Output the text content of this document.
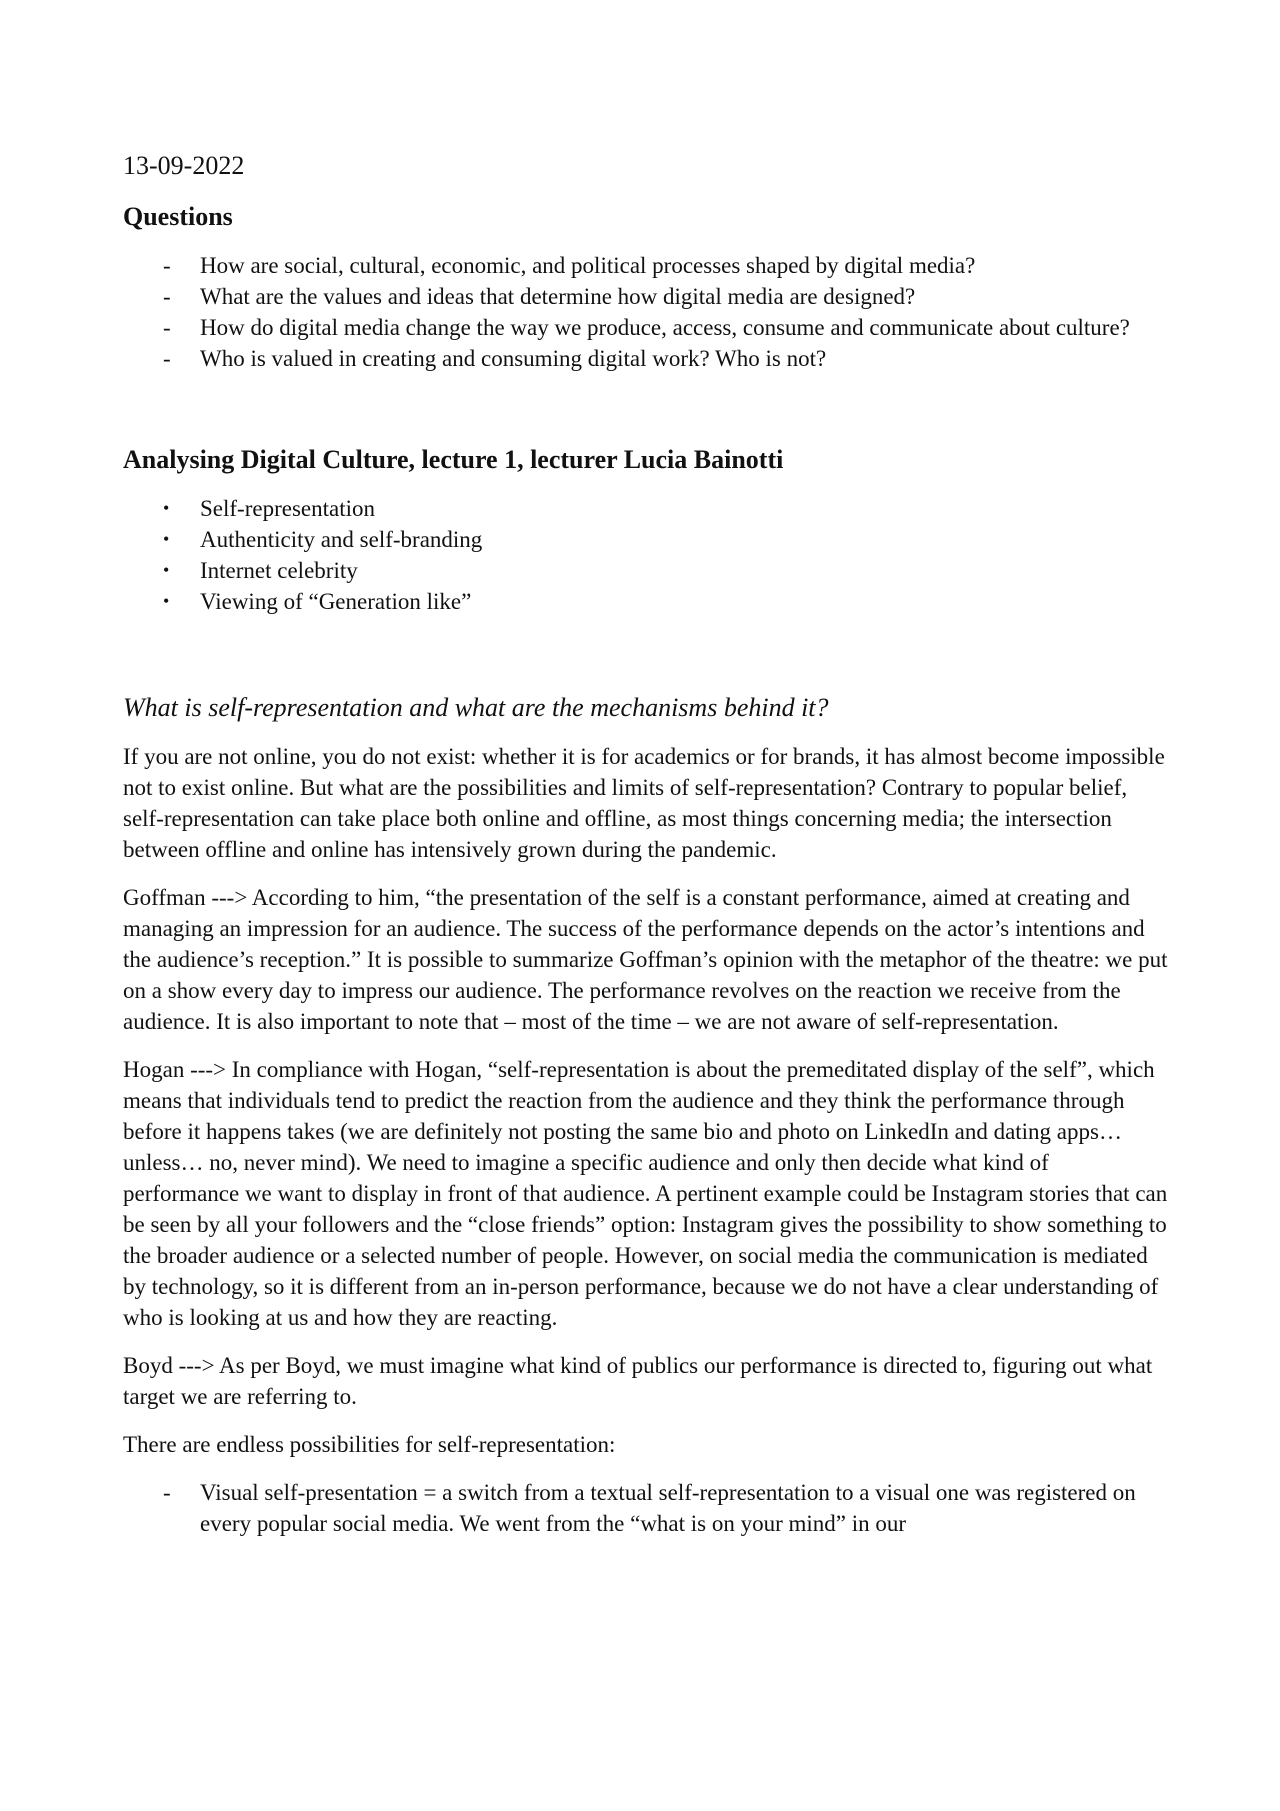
13-09-2022
Questions
-	How are social, cultural, economic, and political processes shaped by digital media?
-	What are the values and ideas that determine how digital media are designed?
-	How do digital media change the way we produce, access, consume and communicate about culture?
-	Who is valued in creating and consuming digital work? Who is not?
Analysing Digital Culture, lecture 1, lecturer Lucia Bainotti
•	Self-representation
•	Authenticity and self-branding
•	Internet celebrity
•	Viewing of “Generation like”
What is self-representation and what are the mechanisms behind it?

If you are not online, you do not exist: whether it is for academics or for brands, it has almost become impossible not to exist online. But what are the possibilities and limits of self-representation? Contrary to popular belief, self-representation can take place both online and offline, as most things concerning media; the intersection between offline and online has intensively grown during the pandemic.

Goffman ---> According to him, “the presentation of the self is a constant performance, aimed at creating and managing an impression for an audience. The success of the performance depends on the actor’s intentions and the audience’s reception.” It is possible to summarize Goffman’s opinion with the metaphor of the theatre: we put on a show every day to impress our audience. The performance revolves on the reaction we receive from the audience. It is also important to note that – most of the time – we are not aware of self-representation.

Hogan ---> In compliance with Hogan, “self-representation is about the premeditated display of the self”, which means that individuals tend to predict the reaction from the audience and they think the performance through before it happens takes (we are definitely not posting the same bio and photo on LinkedIn and dating apps… unless… no, never mind). We need to imagine a specific audience and only then decide what kind of performance we want to display in front of that audience. A pertinent example could be Instagram stories that can be seen by all your followers and the “close friends” option: Instagram gives the possibility to show something to the broader audience or a selected number of people. However, on social media the communication is mediated by technology, so it is different from an in-person performance, because we do not have a clear understanding of who is looking at us and how they are reacting.

Boyd ---> As per Boyd, we must imagine what kind of publics our performance is directed to, figuring out what target we are referring to.

There are endless possibilities for self-representation:

-	Visual self-presentation = a switch from a textual self-representation to a visual one was registered on every popular social media. We went from the “what is on your mind” in our
